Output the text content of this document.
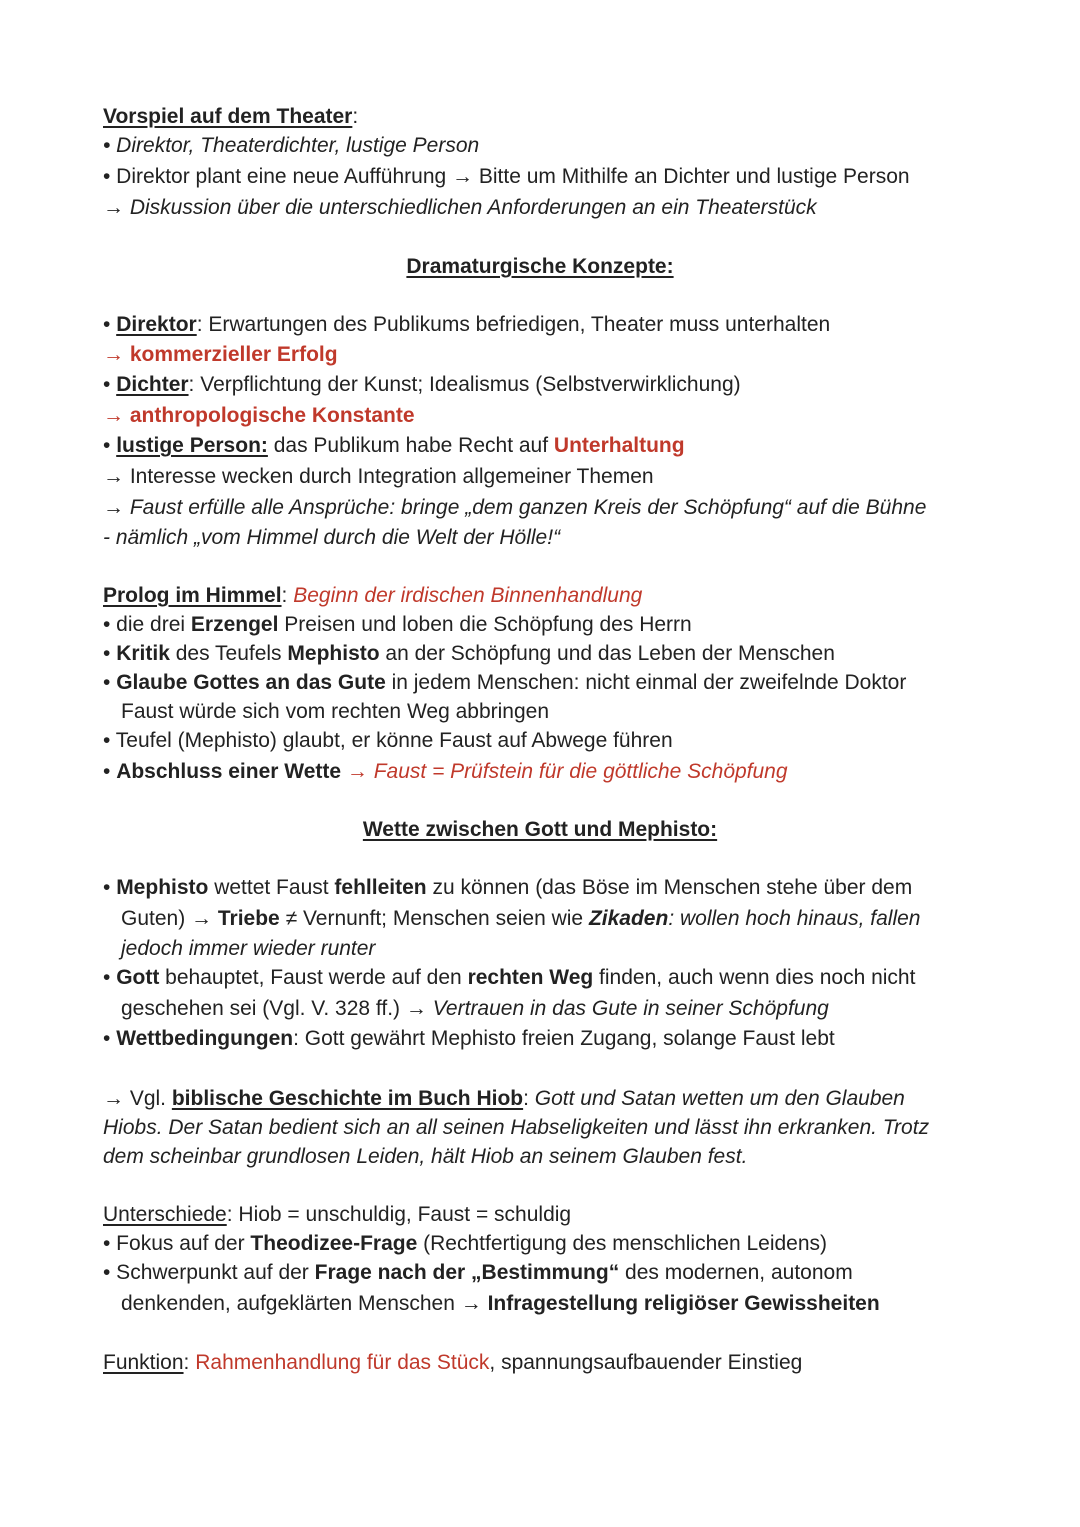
Vorspiel auf dem Theater:
• Direktor, Theaterdichter, lustige Person
• Direktor plant eine neue Aufführung → Bitte um Mithilfe an Dichter und lustige Person
→ Diskussion über die unterschiedlichen Anforderungen an ein Theaterstück
Dramaturgische Konzepte:
• Direktor: Erwartungen des Publikums befriedigen, Theater muss unterhalten
→ kommerzieller Erfolg
• Dichter: Verpflichtung der Kunst; Idealismus (Selbstverwirklichung)
→ anthropologische Konstante
• lustige Person: das Publikum habe Recht auf Unterhaltung
→ Interesse wecken durch Integration allgemeiner Themen
→ Faust erfülle alle Ansprüche: bringe „dem ganzen Kreis der Schöpfung“ auf die Bühne
- nämlich „vom Himmel durch die Welt der Hölle!“
Prolog im Himmel: Beginn der irdischen Binnenhandlung
• die drei Erzengel Preisen und loben die Schöpfung des Herrn
• Kritik des Teufels Mephisto an der Schöpfung und das Leben der Menschen
• Glaube Gottes an das Gute in jedem Menschen: nicht einmal der zweifelnde Doktor
Faust würde sich vom rechten Weg abbringen
• Teufel (Mephisto) glaubt, er könne Faust auf Abwege führen
• Abschluss einer Wette → Faust = Prüfstein für die göttliche Schöpfung
Wette zwischen Gott und Mephisto:
• Mephisto wettet Faust fehlleiten zu können (das Böse im Menschen stehe über dem
Guten) → Triebe ≠ Vernunft; Menschen seien wie Zikaden: wollen hoch hinaus, fallen
jedoch immer wieder runter
• Gott behauptet, Faust werde auf den rechten Weg finden, auch wenn dies noch nicht
geschehen sei (Vgl. V. 328 ff.) → Vertrauen in das Gute in seiner Schöpfung
• Wettbedingungen: Gott gewährt Mephisto freien Zugang, solange Faust lebt
→ Vgl. biblische Geschichte im Buch Hiob: Gott und Satan wetten um den Glauben
Hiobs. Der Satan bedient sich an all seinen Habseligkeiten und lässt ihn erkranken. Trotz
dem scheinbar grundlosen Leiden, hält Hiob an seinem Glauben fest.
Unterschiede: Hiob = unschuldig, Faust = schuldig
• Fokus auf der Theodizee-Frage (Rechtfertigung des menschlichen Leidens)
• Schwerpunkt auf der Frage nach der „Bestimmung“ des modernen, autonom
denkenden, aufgeklärten Menschen → Infragestellung religiöser Gewissheiten
Funktion: Rahmenhandlung für das Stück, spannungsaufbauender Einstieg
